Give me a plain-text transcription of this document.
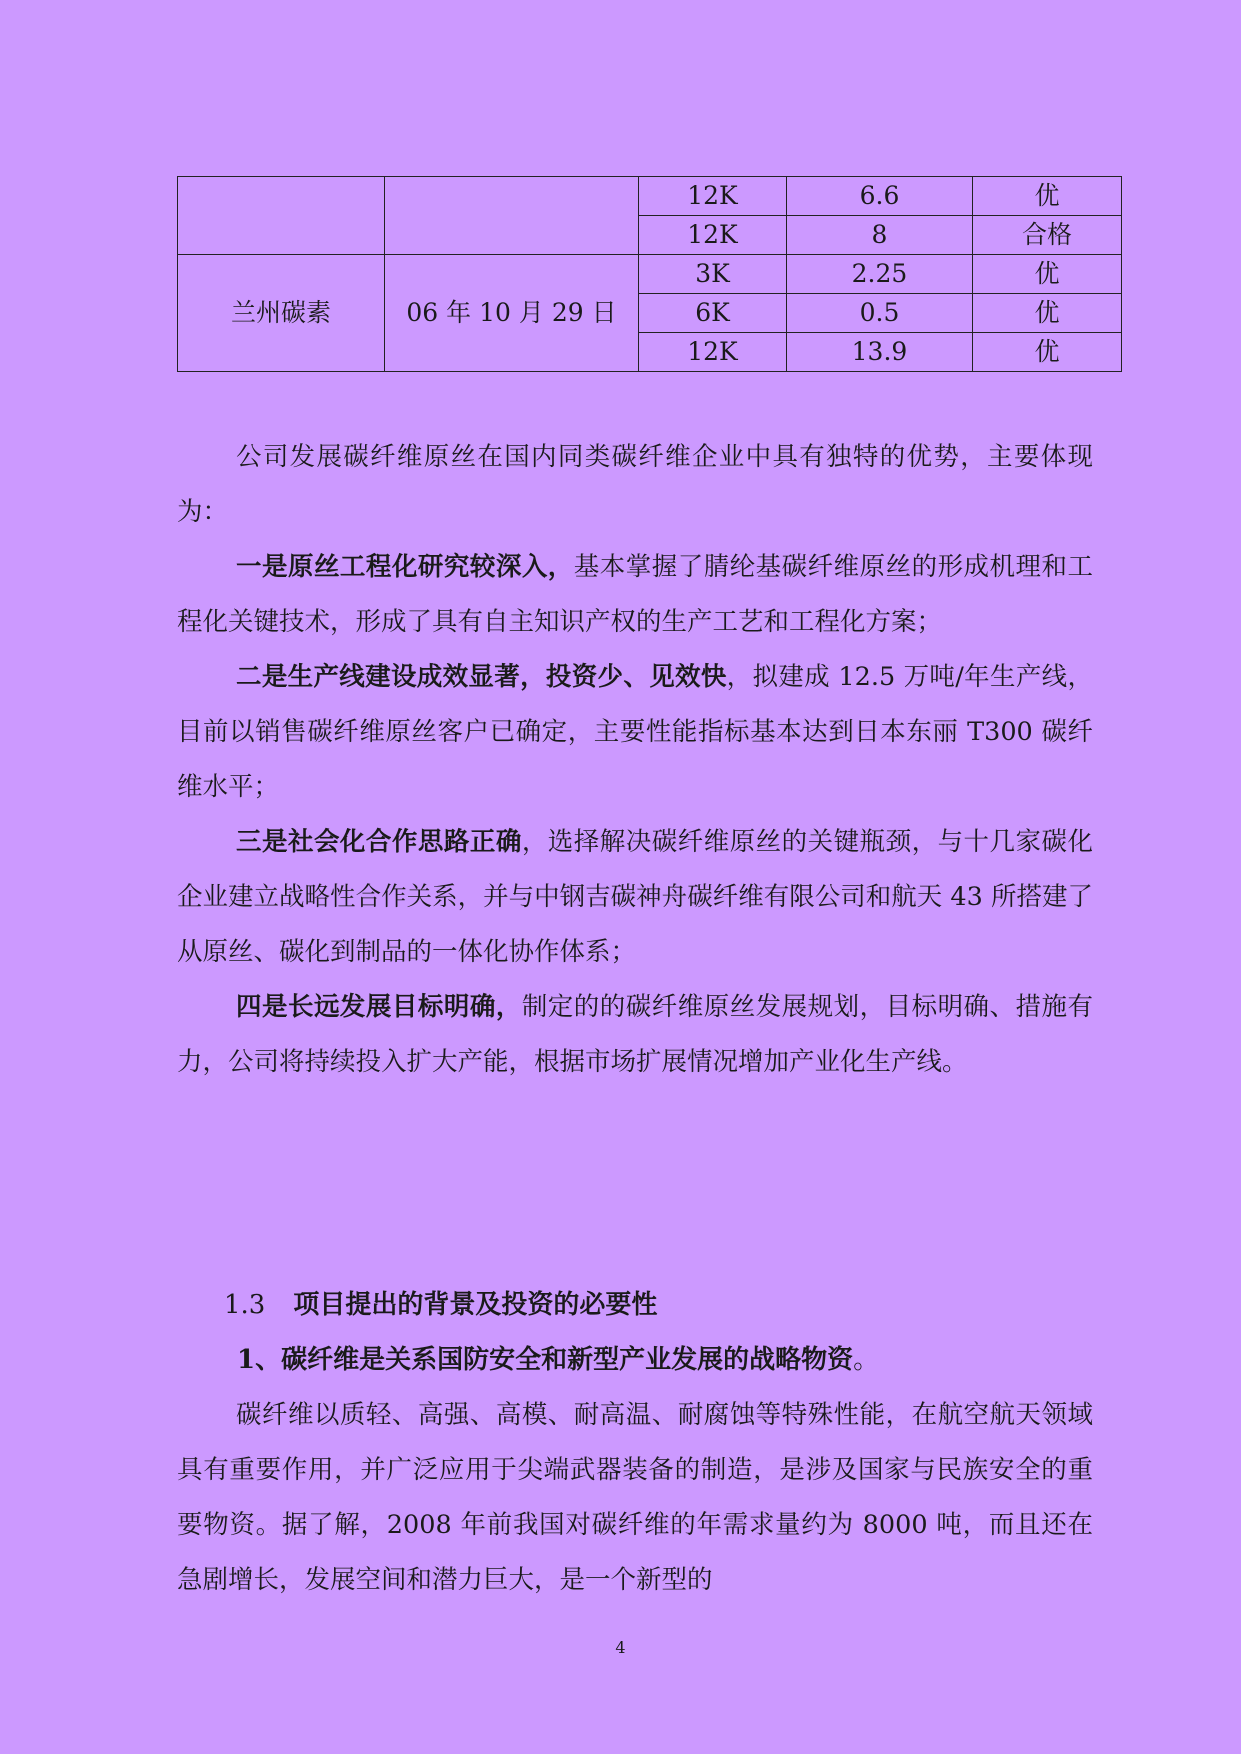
		12K	6.6	优
		12K	8	合格
兰州碳素	06 年 10 月 29 日	3K	2.25	优
		6K	0.5	优
		12K	13.9	优

公司发展碳纤维原丝在国内同类碳纤维企业中具有独特的优势，主要体现为：

一是原丝工程化研究较深入，基本掌握了腈纶基碳纤维原丝的形成机理和工程化关键技术，形成了具有自主知识产权的生产工艺和工程化方案；

二是生产线建设成效显著，投资少、见效快，拟建成 12.5 万吨/年生产线，目前以销售碳纤维原丝客户已确定，主要性能指标基本达到日本东丽 T300 碳纤维水平；

三是社会化合作思路正确，选择解决碳纤维原丝的关键瓶颈，与十几家碳化企业建立战略性合作关系，并与中钢吉碳神舟碳纤维有限公司和航天 43 所搭建了从原丝、碳化到制品的一体化协作体系；

四是长远发展目标明确，制定的的碳纤维原丝发展规划，目标明确、措施有力，公司将持续投入扩大产能，根据市场扩展情况增加产业化生产线。

1.3 项目提出的背景及投资的必要性
1、碳纤维是关系国防安全和新型产业发展的战略物资。

碳纤维以质轻、高强、高模、耐高温、耐腐蚀等特殊性能，在航空航天领域具有重要作用，并广泛应用于尖端武器装备的制造，是涉及国家与民族安全的重要物资。据了解，2008 年前我国对碳纤维的年需求量约为 8000 吨，而且还在急剧增长，发展空间和潜力巨大，是一个新型的

4
